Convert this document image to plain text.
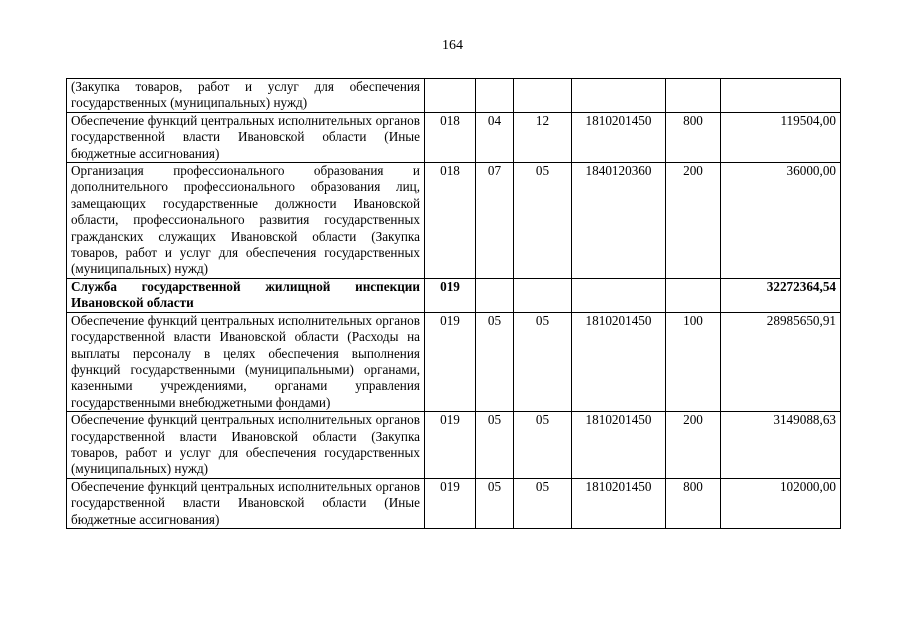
164
(Закупка товаров, работ и услуг для обеспечения государственных (муниципальных) нужд)						
Обеспечение функций центральных исполнительных органов государственной власти Ивановской области (Иные бюджетные ассигнования)	018	04	12	1810201450	800	119504,00
Организация профессионального образования и дополнительного профессионального образования лиц, замещающих государственные должности Ивановской области, профессионального развития государственных гражданских служащих Ивановской области (Закупка товаров, работ и услуг для обеспечения государственных (муниципальных) нужд)	018	07	05	1840120360	200	36000,00
Служба государственной жилищной инспекции Ивановской области	019					32272364,54
Обеспечение функций центральных исполнительных органов государственной власти Ивановской области (Расходы на выплаты персоналу в целях обеспечения выполнения функций государственными (муниципальными) органами, казенными учреждениями, органами управления государственными внебюджетными фондами)	019	05	05	1810201450	100	28985650,91
Обеспечение функций центральных исполнительных органов государственной власти Ивановской области (Закупка товаров, работ и услуг для обеспечения государственных (муниципальных) нужд)	019	05	05	1810201450	200	3149088,63
Обеспечение функций центральных исполнительных органов государственной власти Ивановской области (Иные бюджетные ассигнования)	019	05	05	1810201450	800	102000,00
